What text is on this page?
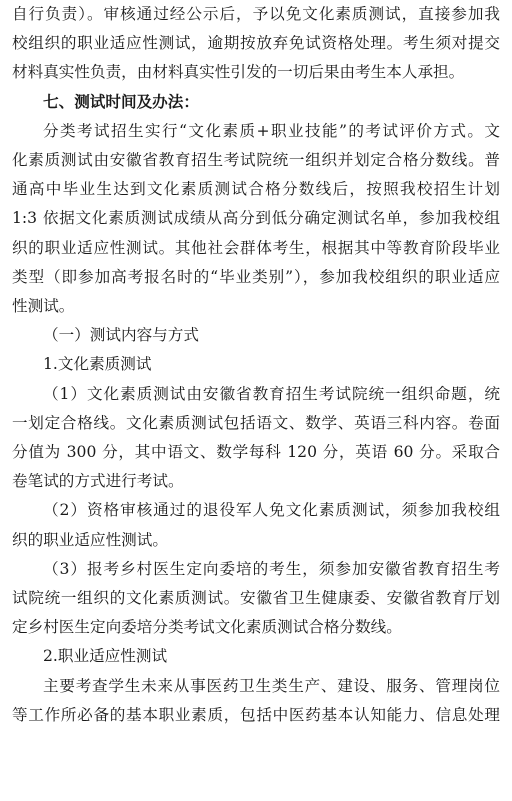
自行负责）。审核通过经公示后，予以免文化素质测试，直接参加我
校组织的职业适应性测试，逾期按放弃免试资格处理。考生须对提交
材料真实性负责，由材料真实性引发的一切后果由考生本人承担。
七、测试时间及办法：
分类考试招生实行“文化素质+职业技能”的考试评价方式。文
化素质测试由安徽省教育招生考试院统一组织并划定合格分数线。普
通高中毕业生达到文化素质测试合格分数线后，按照我校招生计划
1:3 依据文化素质测试成绩从高分到低分确定测试名单，参加我校组
织的职业适应性测试。其他社会群体考生，根据其中等教育阶段毕业
类型（即参加高考报名时的“毕业类别”），参加我校组织的职业适应
性测试。
（一）测试内容与方式
1.文化素质测试
（1）文化素质测试由安徽省教育招生考试院统一组织命题，统
一划定合格线。文化素质测试包括语文、数学、英语三科内容。卷面
分值为 300 分，其中语文、数学每科 120 分，英语 60 分。采取合
卷笔试的方式进行考试。
（2）资格审核通过的退役军人免文化素质测试，须参加我校组
织的职业适应性测试。
（3）报考乡村医生定向委培的考生，须参加安徽省教育招生考
试院统一组织的文化素质测试。安徽省卫生健康委、安徽省教育厅划
定乡村医生定向委培分类考试文化素质测试合格分数线。
2.职业适应性测试
主要考查学生未来从事医药卫生类生产、建设、服务、管理岗位
等工作所必备的基本职业素质，包括中医药基本认知能力、信息处理
